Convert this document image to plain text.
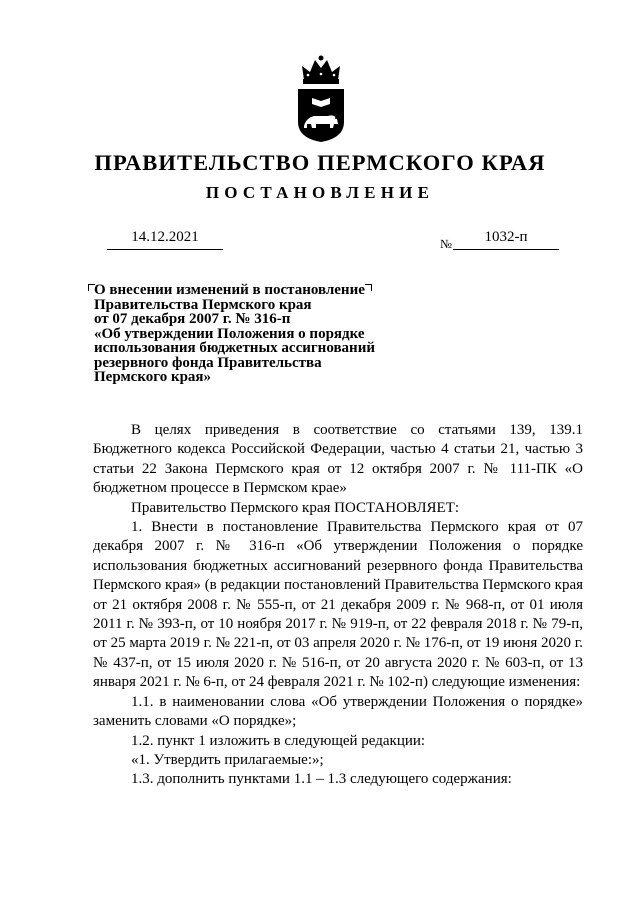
ПРАВИТЕЛЬСТВО ПЕРМСКОГО КРАЯ
ПОСТАНОВЛЕНИЕ
14.12.2021	№	1032-п
О внесении изменений в постановление
Правительства Пермского края
от 07 декабря 2007 г. № 316-п
«Об утверждении Положения о порядке
использования бюджетных ассигнований
резервного фонда Правительства
Пермского края»

В целях приведения в соответствие со статьями 139, 139.1 Бюджетного кодекса Российской Федерации, частью 4 статьи 21, частью 3 статьи 22 Закона Пермского края от 12 октября 2007 г. № 111-ПК «О бюджетном процессе в Пермском крае»

Правительство Пермского края ПОСТАНОВЛЯЕТ:

1. Внести в постановление Правительства Пермского края от 07 декабря 2007 г. № 316-п «Об утверждении Положения о порядке использования бюджетных ассигнований резервного фонда Правительства Пермского края» (в редакции постановлений Правительства Пермского края от 21 октября 2008 г. № 555-п, от 21 декабря 2009 г. № 968-п, от 01 июля 2011 г. № 393-п, от 10 ноября 2017 г. № 919-п, от 22 февраля 2018 г. № 79-п, от 25 марта 2019 г. № 221-п, от 03 апреля 2020 г. № 176-п, от 19 июня 2020 г. № 437-п, от 15 июля 2020 г. № 516-п, от 20 августа 2020 г. № 603-п, от 13 января 2021 г. № 6-п, от 24 февраля 2021 г. № 102-п) следующие изменения:

1.1. в наименовании слова «Об утверждении Положения о порядке» заменить словами «О порядке»;

1.2. пункт 1 изложить в следующей редакции:

«1. Утвердить прилагаемые:»;

1.3. дополнить пунктами 1.1 – 1.3 следующего содержания:
